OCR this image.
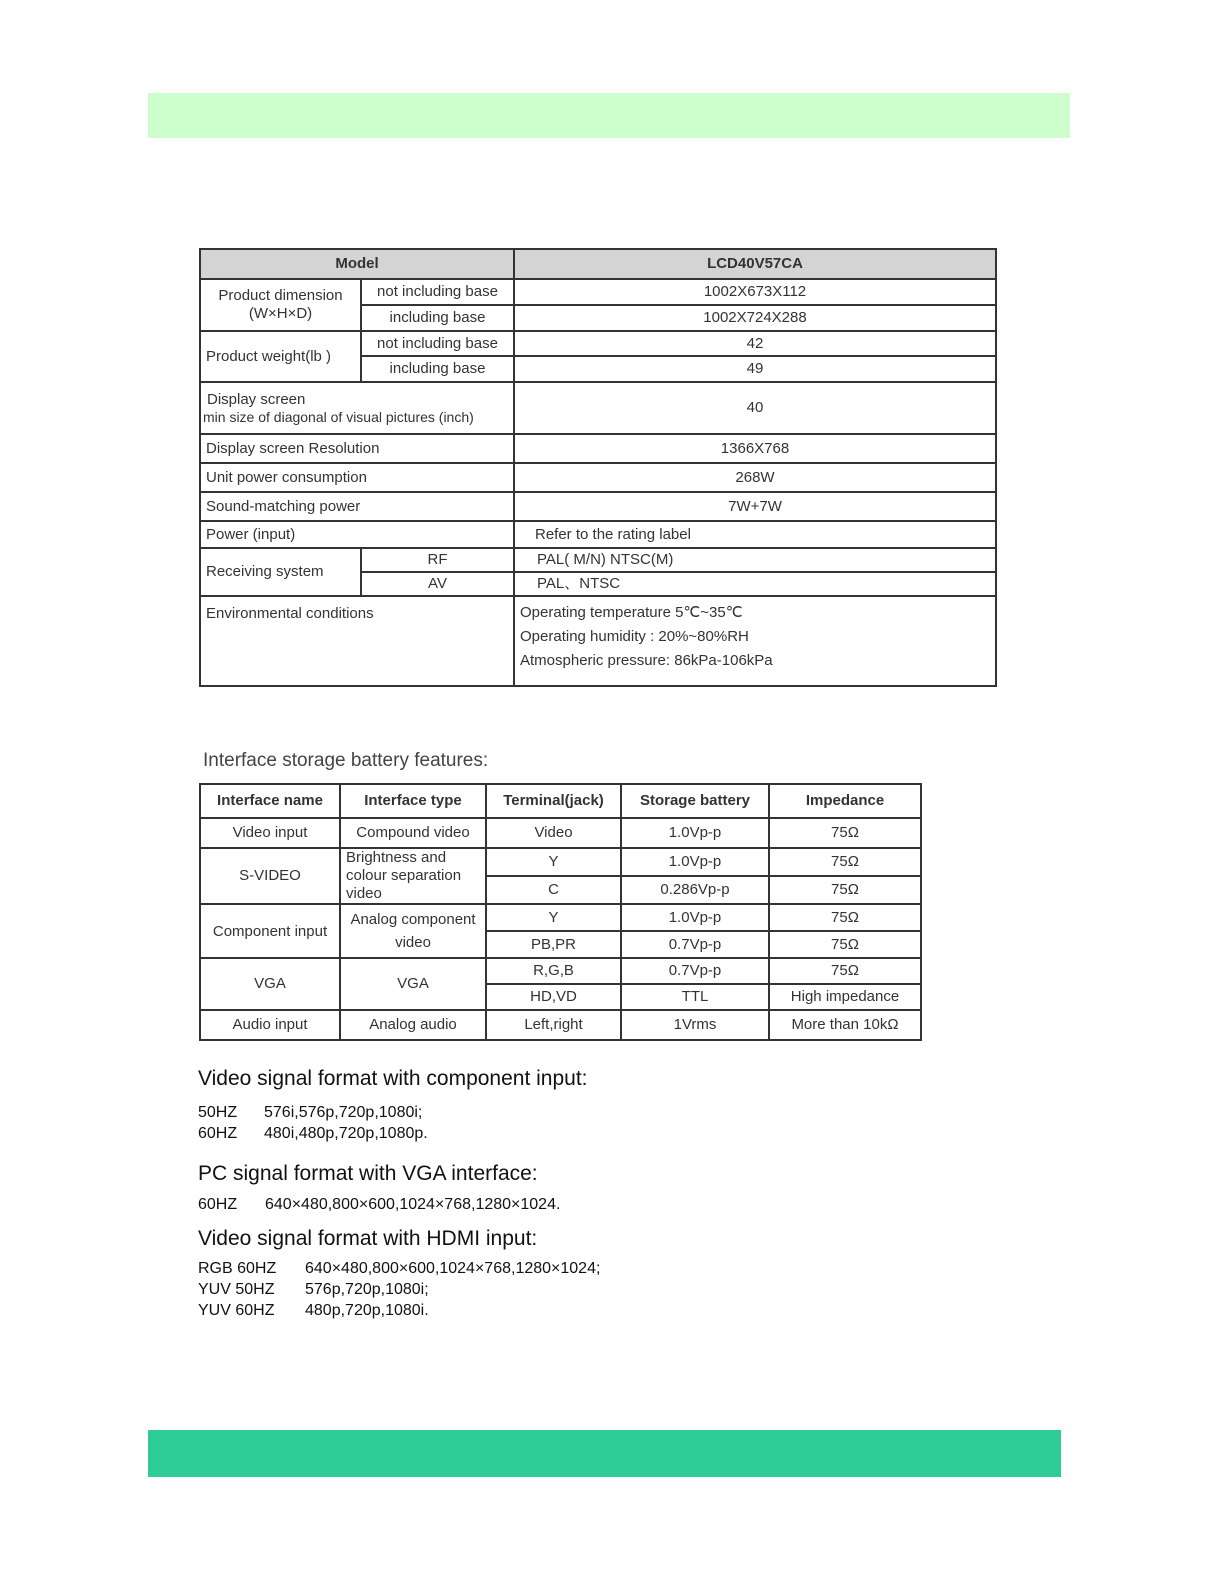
Model		LCD40V57CA

Product dimension
(W×H×D)	not including base	1002X673X112
	including base	1002X724X288
Product weight(lb )	not including base	42
	including base	49

Display screen
min size of diagonal of visual pictures (inch)		40
Display screen Resolution		1366X768
Unit power consumption		268W
Sound-matching power		7W+7W
Power (input)		Refer to the rating label
Receiving system	RF	PAL( M/N) NTSC(M)
	AV	PAL、NTSC
Environmental conditions		Operating temperature 5℃~35℃
Operating humidity : 20%~80%RH
Atmospheric pressure: 86kPa-106kPa
Interface storage battery features:
Interface name	Interface type	Terminal(jack)	Storage battery	Impedance
Video input	Compound video	Video	1.0Vp-p	75Ω
S-VIDEO	Brightness and colour separation video	Y	1.0Vp-p	75Ω
		C	0.286Vp-p	75Ω
Component input	Analog component video	Y	1.0Vp-p	75Ω
		PB,PR	0.7Vp-p	75Ω
VGA	VGA	R,G,B	0.7Vp-p	75Ω
		HD,VD	TTL	High impedance
Audio input	Analog audio	Left,right	1Vrms	More than 10kΩ
Video signal format with component input:
50HZ 576i,576p,720p,1080i;
60HZ 480i,480p,720p,1080p.
PC signal format with VGA interface:
60HZ 640×480,800×600,1024×768,1280×1024.
Video signal format with HDMI input:
RGB 60HZ 640×480,800×600,1024×768,1280×1024;
YUV 50HZ 576p,720p,1080i;
YUV 60HZ 480p,720p,1080i.
